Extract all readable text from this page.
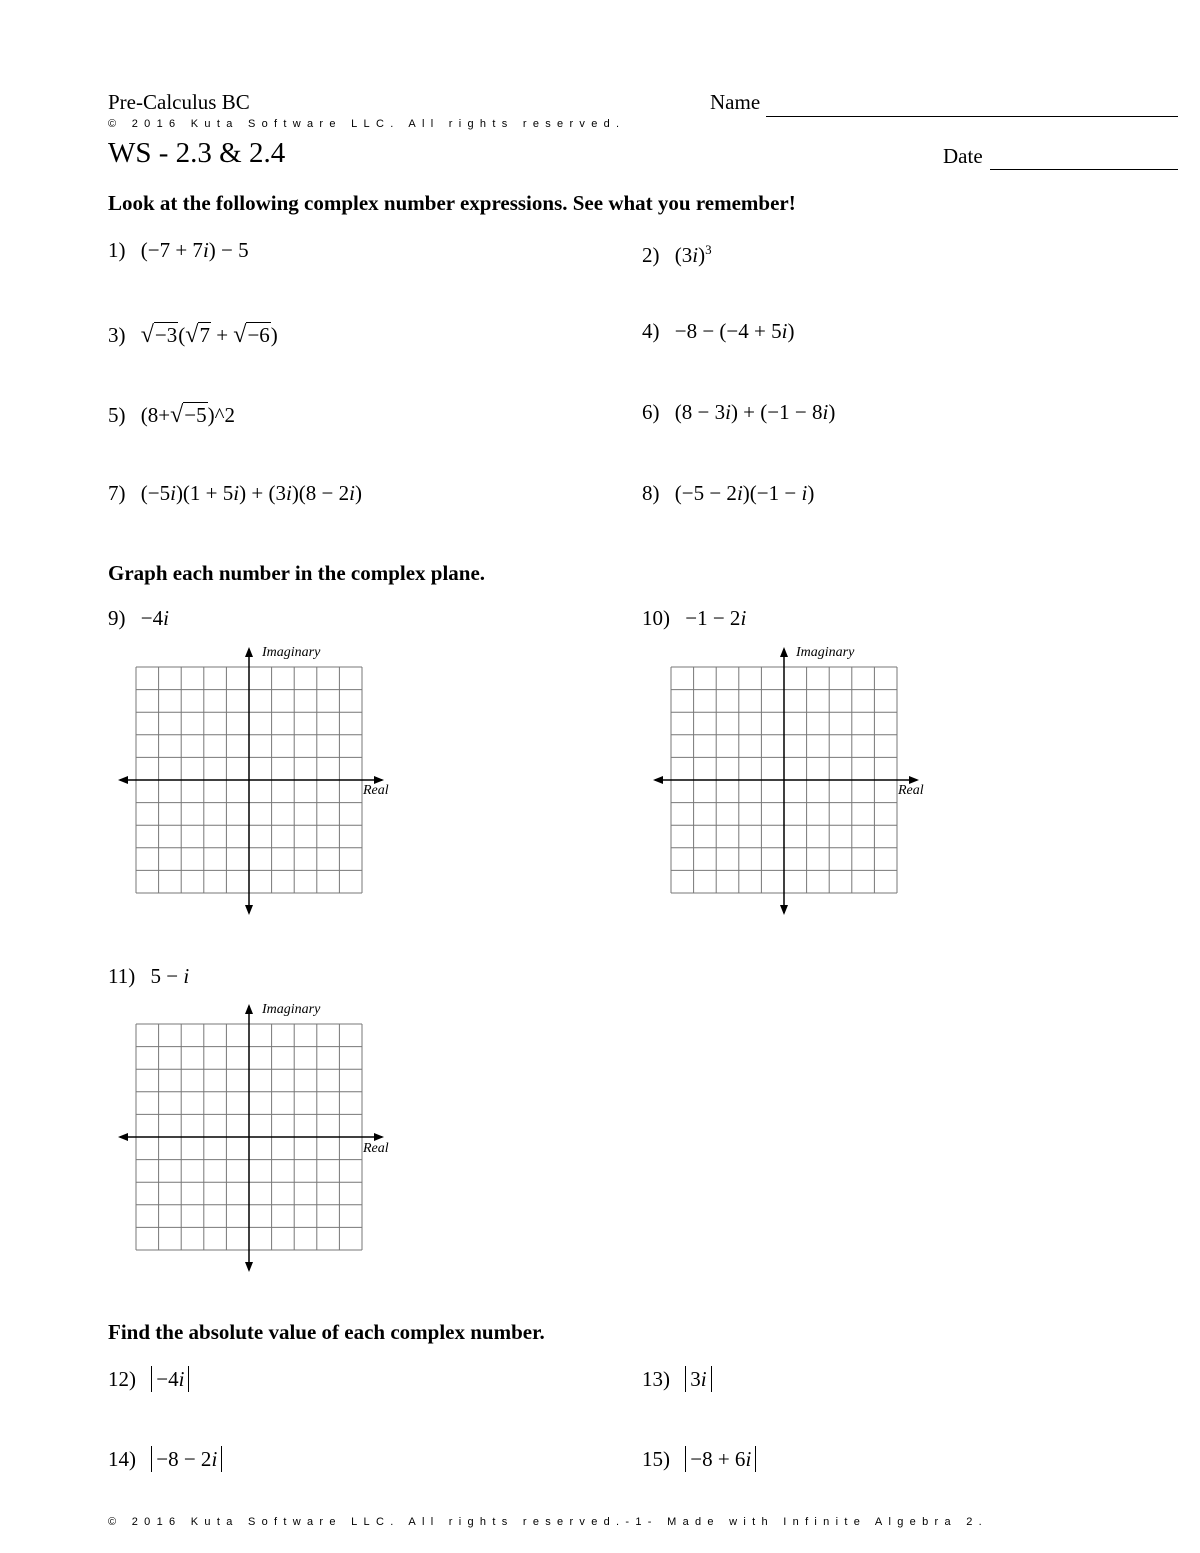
Pre-Calculus BC
© 2016 Kuta Software LLC. All rights reserved.
WS - 2.3 & 2.4
Name
Date
Look at the following complex number expressions. See what you remember!
1) (−7 + 7i) − 5	2) $(3i)^3$
3) √−3(√7 + √−6)	4) −8 − (−4 + 5i)
5) (8+√−5)^2	6) (8 − 3i) + (−1 − 8i)
7) (−5i)(1 + 5i) + (3i)(8 − 2i)	8) (−5 − 2i)(−1 − i)
Graph each number in the complex plane.
9) −4i	10) −1 − 2i
Imaginary
Real
Imaginary
Real
11) 5 − i
Imaginary
Real
Find the absolute value of each complex number.
12) −4i	13) 3i
14) −8 − 2i	15) −8 + 6i
© 2016 Kuta Software LLC. All rights reserved.-1- Made with Infinite Algebra 2.
